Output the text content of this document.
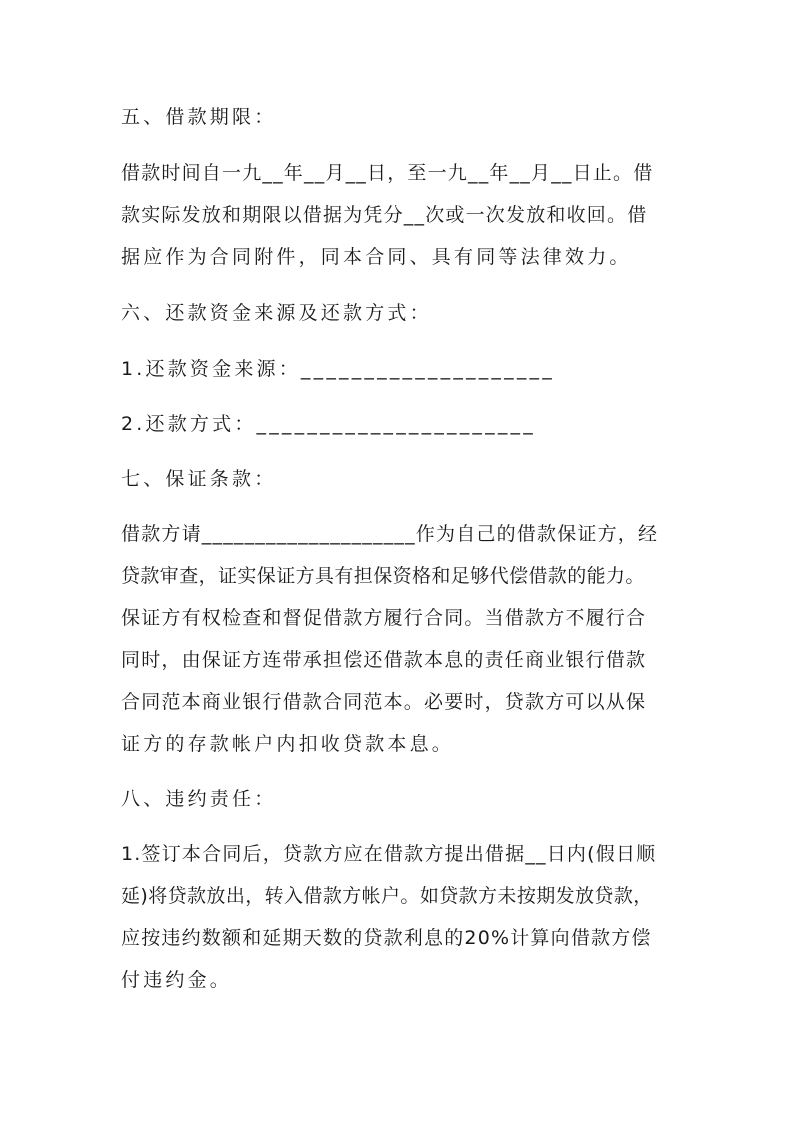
五、借款期限：
借款时间自一九__年__月__日，至一九__年__月__日止。借
款实际发放和期限以借据为凭分__次或一次发放和收回。借
据应作为合同附件，同本合同、具有同等法律效力。
六、还款资金来源及还款方式：
1.还款资金来源：____________________
2.还款方式：______________________
七、保证条款：
借款方请____________________作为自己的借款保证方，经
贷款审查，证实保证方具有担保资格和足够代偿借款的能力。
保证方有权检查和督促借款方履行合同。当借款方不履行合
同时，由保证方连带承担偿还借款本息的责任商业银行借款
合同范本商业银行借款合同范本。必要时，贷款方可以从保
证方的存款帐户内扣收贷款本息。
八、违约责任：
1.签订本合同后，贷款方应在借款方提出借据__日内(假日顺
延)将贷款放出，转入借款方帐户。如贷款方未按期发放贷款，
应按违约数额和延期天数的贷款利息的20%计算向借款方偿
付违约金。
